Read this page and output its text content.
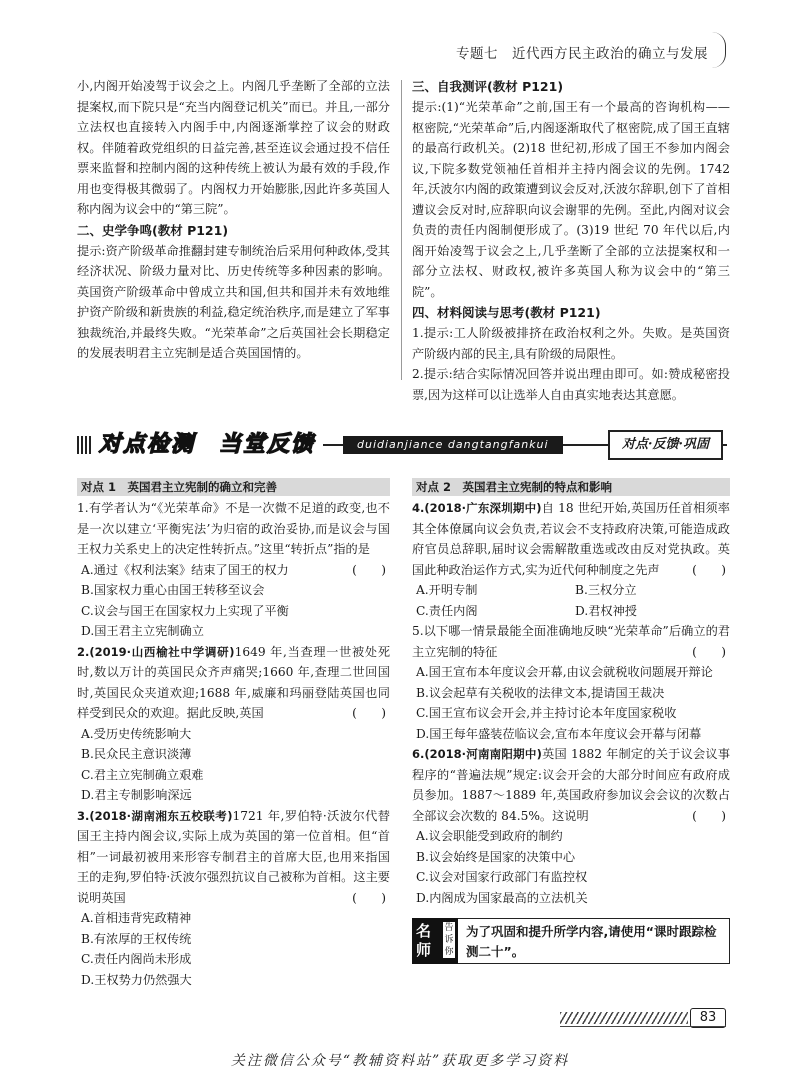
专题七　近代西方民主政治的确立与发展

小,内阁开始凌驾于议会之上。内阁几乎垄断了全部的立法提案权,而下院只是“充当内阁登记机关”而已。并且,一部分立法权也直接转入内阁手中,内阁逐渐掌控了议会的财政权。伴随着政党组织的日益完善,甚至连议会通过投不信任票来监督和控制内阁的这种传统上被认为最有效的手段,作用也变得极其微弱了。内阁权力开始膨胀,因此许多英国人称内阁为议会中的“第三院”。

二、史学争鸣(教材 P121)

提示:资产阶级革命推翻封建专制统治后采用何种政体,受其经济状况、阶级力量对比、历史传统等多种因素的影响。英国资产阶级革命中曾成立共和国,但共和国并未有效地维护资产阶级和新贵族的利益,稳定统治秩序,而是建立了军事独裁统治,并最终失败。“光荣革命”之后英国社会长期稳定的发展表明君主立宪制是适合英国国情的。

三、自我测评(教材 P121)

提示:(1)“光荣革命”之前,国王有一个最高的咨询机构——枢密院,“光荣革命”后,内阁逐渐取代了枢密院,成了国王直辖的最高行政机关。(2)18 世纪初,形成了国王不参加内阁会议,下院多数党领袖任首相并主持内阁会议的先例。1742 年,沃波尔内阁的政策遭到议会反对,沃波尔辞职,创下了首相遭议会反对时,应辞职向议会谢罪的先例。至此,内阁对议会负责的责任内阁制便形成了。(3)19 世纪 70 年代以后,内阁开始凌驾于议会之上,几乎垄断了全部的立法提案权和一部分立法权、财政权,被许多英国人称为议会中的“第三院”。

四、材料阅读与思考(教材 P121)

1.提示:工人阶级被排挤在政治权利之外。失败。是英国资产阶级内部的民主,具有阶级的局限性。

2.提示:结合实际情况回答并说出理由即可。如:赞成秘密投票,因为这样可以让选举人自由真实地表达其意愿。

对点检测　当堂反馈	duidianjiance dangtangfankui	对点·反馈·巩固
对点 1　英国君主立宪制的确立和完善

1.有学者认为“《光荣革命》不是一次微不足道的政变,也不是一次以建立‘平衡宪法’为归宿的政治妥协,而是议会与国王权力关系史上的决定性转折点。”这里“转折点”指的是
(　　)

A.通过《权利法案》结束了国王的权力
B.国家权力重心由国王转移至议会
C.议会与国王在国家权力上实现了平衡
D.国王君主立宪制确立

2.(2019·山西榆社中学调研)1649 年,当查理一世被处死时,数以万计的英国民众齐声痛哭;1660 年,查理二世回国时,英国民众夹道欢迎;1688 年,威廉和玛丽登陆英国也同样受到民众的欢迎。据此反映,英国	(　　)

A.受历史传统影响大
B.民众民主意识淡薄
C.君主立宪制确立艰难
D.君主专制影响深远

3.(2018·湖南湘东五校联考)1721 年,罗伯特·沃波尔代替国王主持内阁会议,实际上成为英国的第一位首相。但“首相”一词最初被用来形容专制君主的首席大臣,也用来指国王的走狗,罗伯特·沃波尔强烈抗议自己被称为首相。这主要说明英国	(　　)

A.首相违背宪政精神
B.有浓厚的王权传统
C.责任内阁尚未形成
D.王权势力仍然强大
对点 2　英国君主立宪制的特点和影响

4.(2018·广东深圳期中)自 18 世纪开始,英国历任首相须率其全体僚属向议会负责,若议会不支持政府决策,可能造成政府官员总辞职,届时议会需解散重选或改由反对党执政。英国此种政治运作方式,实为近代何种制度之先声	(　　)

A.开明专制	B.三权分立
C.责任内阁	D.君权神授

5.以下哪一情景最能全面准确地反映“光荣革命”后确立的君主立宪制的特征	(　　)

A.国王宣布本年度议会开幕,由议会就税收问题展开辩论
B.议会起草有关税收的法律文本,提请国王裁决
C.国王宣布议会开会,并主持讨论本年度国家税收
D.国王每年盛装莅临议会,宣布本年度议会开幕与闭幕

6.(2018·河南南阳期中)英国 1882 年制定的关于议会议事程序的“普遍法规”规定:议会开会的大部分时间应有政府成员参加。1887～1889 年,英国政府参加议会会议的次数占全部议会次数的 84.5%。这说明	(　　)

A.议会职能受到政府的制约
B.议会始终是国家的决策中心
C.议会对国家行政部门有监控权
D.内阁成为国家最高的立法机关
名
师
告诉你
为了巩固和提升所学内容,请使用“课时跟踪检测二十”。
83
关注微信公众号“教辅资料站”获取更多学习资料
